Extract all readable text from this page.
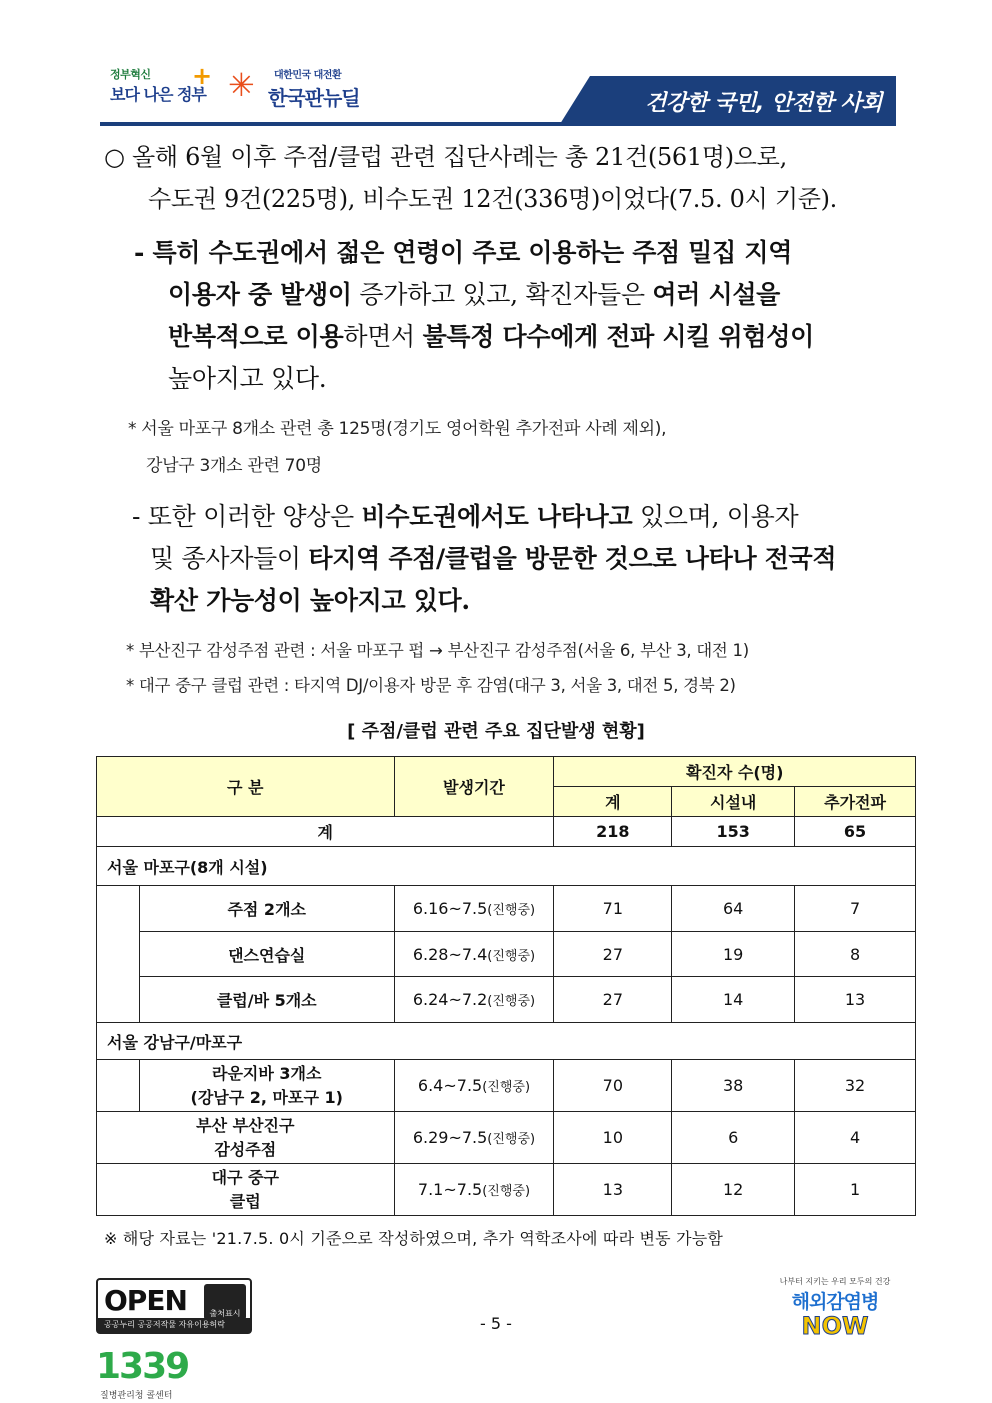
정부혁신
보다 나은 정부
+ ✳ 대한민국 대전환
한국판뉴딜	건강한 국민, 안전한 사회
○ 올해 6월 이후 주점/클럽 관련 집단사례는 총 21건(561명)으로,
수도권 9건(225명), 비수도권 12건(336명)이었다(7.5. 0시 기준).
- 특히 수도권에서 젊은 연령이 주로 이용하는 주점 밀집 지역
이용자 중 발생이 증가하고 있고, 확진자들은 여러 시설을
반복적으로 이용하면서 불특정 다수에게 전파 시킬 위험성이
높아지고 있다.
* 서울 마포구 8개소 관련 총 125명(경기도 영어학원 추가전파 사례 제외),
강남구 3개소 관련 70명
- 또한 이러한 양상은 비수도권에서도 나타나고 있으며, 이용자
및 종사자들이 타지역 주점/클럽을 방문한 것으로 나타나 전국적
확산 가능성이 높아지고 있다.
* 부산진구 감성주점 관련 : 서울 마포구 펍 → 부산진구 감성주점(서울 6, 부산 3, 대전 1)
* 대구 중구 클럽 관련 : 타지역 DJ/이용자 방문 후 감염(대구 3, 서울 3, 대전 5, 경북 2)
[ 주점/클럽 관련 주요 집단발생 현황]
구 분		발생기간	확진자 수(명)		
			계	시설내	추가전파
계			218	153	65
서울 마포구(8개 시설)					
	주점 2개소	6.16~7.5(진행중)	71	64	7
	댄스연습실	6.28~7.4(진행중)	27	19	8
	클럽/바 5개소	6.24~7.2(진행중)	27	14	13
서울 강남구/마포구					

	라운지바 3개소
(강남구 2, 마포구 1)	6.4~7.5(진행중)	70	38	32

부산 부산진구
감성주점		6.29~7.5(진행중)	10	6	4

대구 중구
클럽		7.1~7.5(진행중)	13	12	1
※ 해당 자료는 '21.7.5. 0시 기준으로 작성하였으며, 추가 역학조사에 따라 변동 가능함
OPEN	출처표시
공공누리 공공저작물 자유이용허락	- 5 -
1339
질병관리청 콜센터
나부터 지키는 우리 모두의 건강
해외감염병
NOW
